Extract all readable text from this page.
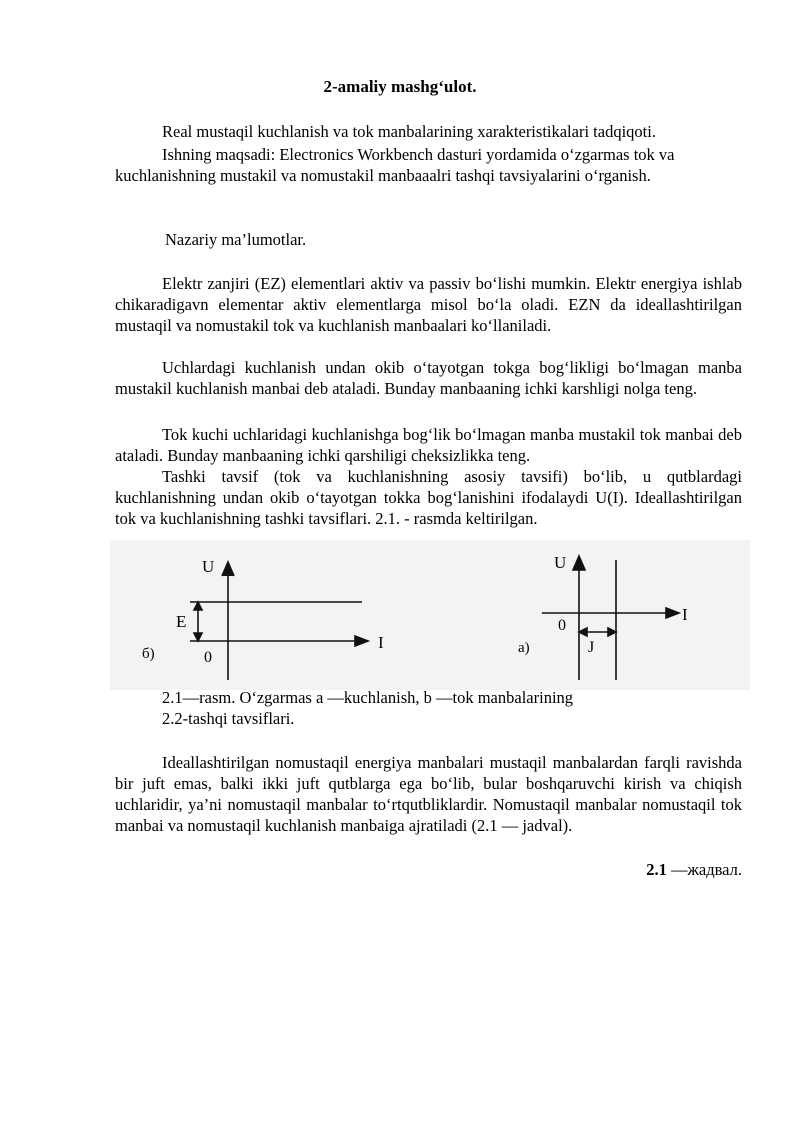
2-amaliy mashg‘ulot.

Real mustaqil kuchlanish va tok manbalarining xarakteristikalari tadqiqoti.

Ishning maqsadi: Electronics Workbench dasturi yordamida o‘zgarmas tok va kuchlanishning mustakil va nomustakil manbaaalri tashqi tavsiyalarini o‘rganish.

Nazariy ma’lumotlar.

Elektr zanjiri (EZ) elementlari aktiv va passiv bo‘lishi mumkin. Elektr energiya ishlab chikaradigavn elementar aktiv elementlarga misol bo‘la oladi. EZN da ideallashtirilgan mustaqil va nomustakil tok va kuchlanish manbaalari ko‘llaniladi.

Uchlardagi kuchlanish undan okib o‘tayotgan tokga bog‘likligi bo‘lmagan manba mustakil kuchlanish manbai deb ataladi. Bunday manbaaning ichki karshligi nolga teng.

Tok kuchi uchlaridagi kuchlanishga bog‘lik bo‘lmagan manba mustakil tok manbai deb ataladi. Bunday manbaaning ichki qarshiligi cheksizlikka teng.

Tashki tavsif (tok va kuchlanishning asosiy tavsifi) bo‘lib, u qutblardagi kuchlanishning undan okib o‘tayotgan tokka bog‘lanishini ifodalaydi U(I). Ideallashtirilgan tok va kuchlanishning tashki tavsiflari. 2.1. - rasmda keltirilgan.

U
E
0
I
б)
U
0
I
J
а)
2.1—rasm. O‘zgarmas a —kuchlanish, b —tok manbalarining
2.2-tashqi tavsiflari.

Ideallashtirilgan nomustaqil energiya manbalari mustaqil manbalardan farqli ravishda bir juft emas, balki ikki juft qutblarga ega bo‘lib, bular boshqaruvchi kirish va chiqish uchlaridir, ya’ni nomustaqil manbalar to‘rtqutbliklardir. Nomustaqil manbalar nomustaqil tok manbai va nomustaqil kuchlanish manbaiga ajratiladi (2.1 — jadval).

2.1 —жадвал.
